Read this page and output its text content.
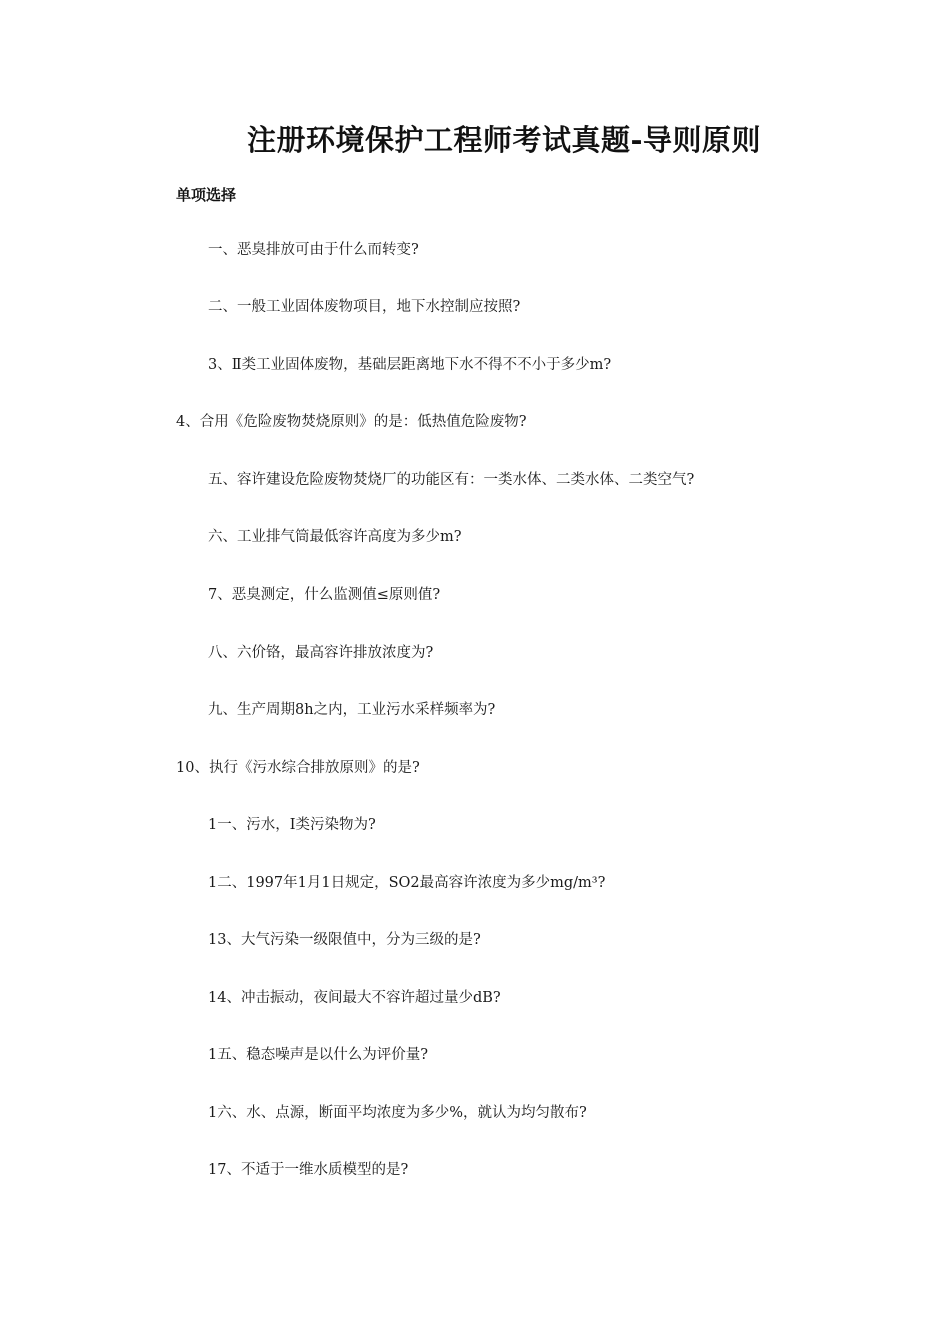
注册环境保护工程师考试真题-导则原则
单项选择
一、恶臭排放可由于什么而转变?
二、一般工业固体废物项目，地下水控制应按照?
3、Ⅱ类工业固体废物，基础层距离地下水不得不不小于多少m?
4、合用《危险废物焚烧原则》的是：低热值危险废物?
五、容许建设危险废物焚烧厂的功能区有：一类水体、二类水体、二类空气?
六、工业排气筒最低容许高度为多少m?
7、恶臭测定，什么监测值≤原则值?
八、六价铬，最高容许排放浓度为?
九、生产周期8h之内，工业污水采样频率为?
10、执行《污水综合排放原则》的是?
1一、污水，Ⅰ类污染物为?
1二、1997年1月1日规定，SO2最高容许浓度为多少mg/m³?
13、大气污染一级限值中，分为三级的是?
14、冲击振动，夜间最大不容许超过量少dB?
1五、稳态噪声是以什么为评价量?
1六、水、点源，断面平均浓度为多少%，就认为均匀散布?
17、不适于一维水质模型的是?
